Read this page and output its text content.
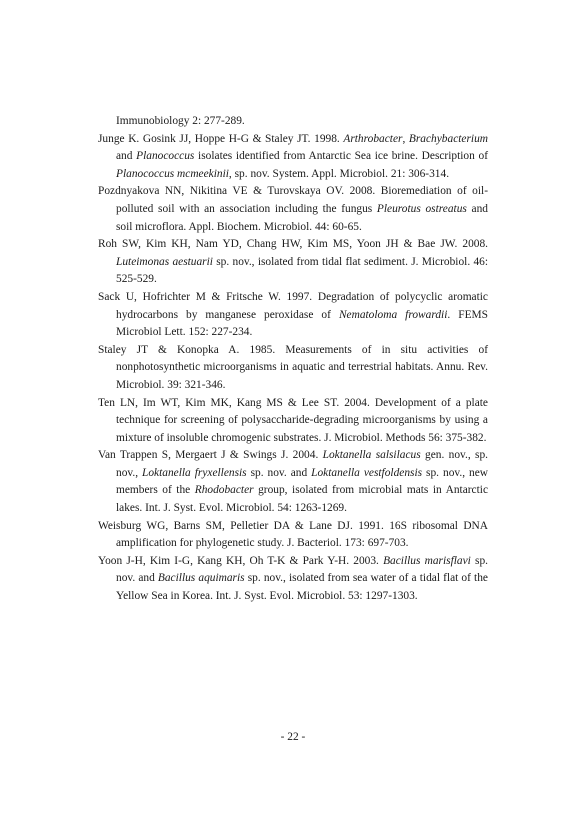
Immunobiology 2: 277-289.
Junge K. Gosink JJ, Hoppe H-G & Staley JT. 1998. Arthrobacter, Brachybacterium and Planococcus isolates identified from Antarctic Sea ice brine. Description of Planococcus mcmeekinii, sp. nov. System. Appl. Microbiol. 21: 306-314.
Pozdnyakova NN, Nikitina VE & Turovskaya OV. 2008. Bioremediation of oil-polluted soil with an association including the fungus Pleurotus ostreatus and soil microflora. Appl. Biochem. Microbiol. 44: 60-65.
Roh SW, Kim KH, Nam YD, Chang HW, Kim MS, Yoon JH & Bae JW. 2008. Luteimonas aestuarii sp. nov., isolated from tidal flat sediment. J. Microbiol. 46: 525-529.
Sack U, Hofrichter M & Fritsche W. 1997. Degradation of polycyclic aromatic hydrocarbons by manganese peroxidase of Nematoloma frowardii. FEMS Microbiol Lett. 152: 227-234.
Staley JT & Konopka A. 1985. Measurements of in situ activities of nonphotosynthetic microorganisms in aquatic and terrestrial habitats. Annu. Rev. Microbiol. 39: 321-346.
Ten LN, Im WT, Kim MK, Kang MS & Lee ST. 2004. Development of a plate technique for screening of polysaccharide-degrading microorganisms by using a mixture of insoluble chromogenic substrates. J. Microbiol. Methods 56: 375-382.
Van Trappen S, Mergaert J & Swings J. 2004. Loktanella salsilacus gen. nov., sp. nov., Loktanella fryxellensis sp. nov. and Loktanella vestfoldensis sp. nov., new members of the Rhodobacter group, isolated from microbial mats in Antarctic lakes. Int. J. Syst. Evol. Microbiol. 54: 1263-1269.
Weisburg WG, Barns SM, Pelletier DA & Lane DJ. 1991. 16S ribosomal DNA amplification for phylogenetic study. J. Bacteriol. 173: 697-703.
Yoon J-H, Kim I-G, Kang KH, Oh T-K & Park Y-H. 2003. Bacillus marisflavi sp. nov. and Bacillus aquimaris sp. nov., isolated from sea water of a tidal flat of the Yellow Sea in Korea. Int. J. Syst. Evol. Microbiol. 53: 1297-1303.
- 22 -
